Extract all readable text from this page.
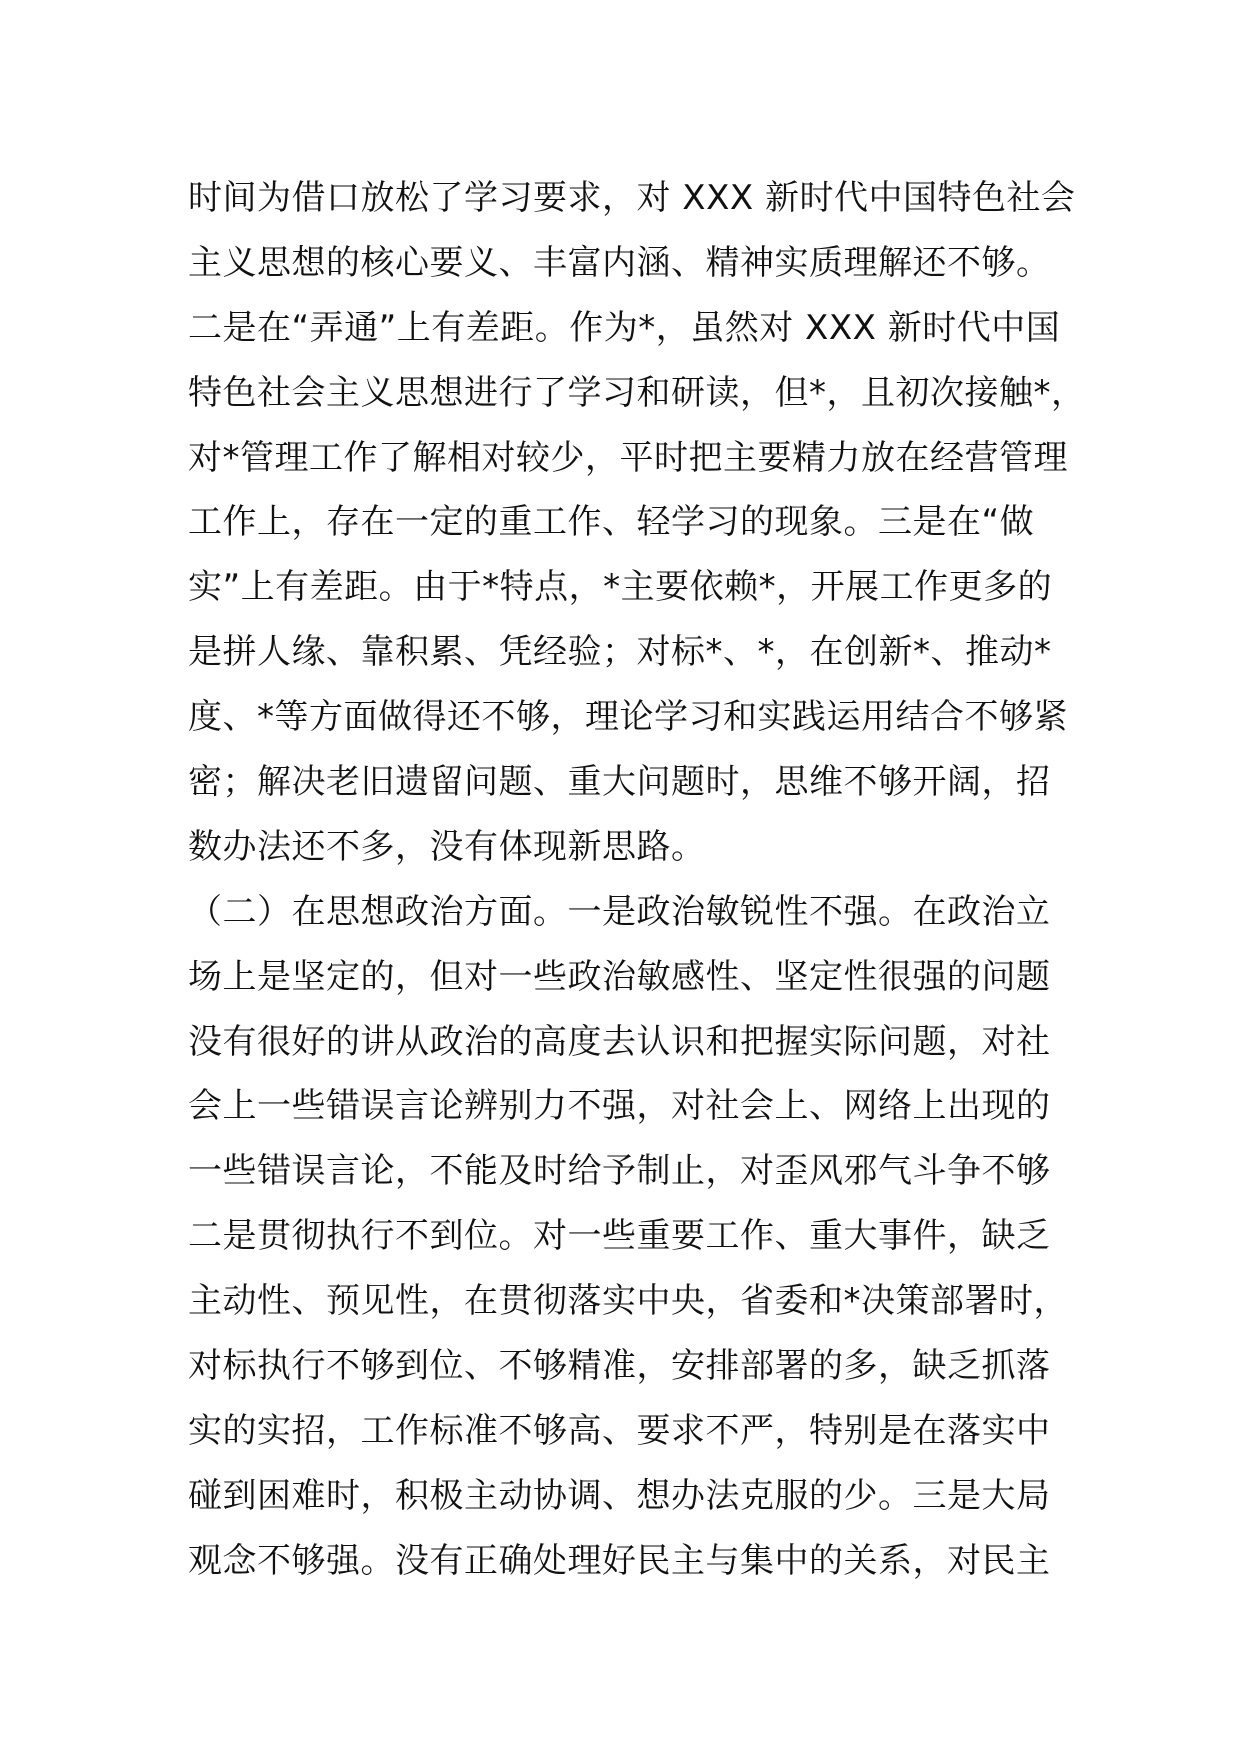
时间为借口放松了学习要求，对 XXX 新时代中国特色社会
主义思想的核心要义、丰富内涵、精神实质理解还不够。
二是在“弄通”上有差距。作为*，虽然对 XXX 新时代中国
特色社会主义思想进行了学习和研读，但*，且初次接触*，
对*管理工作了解相对较少，平时把主要精力放在经营管理
工作上，存在一定的重工作、轻学习的现象。三是在“做
实”上有差距。由于*特点，*主要依赖*，开展工作更多的
是拼人缘、靠积累、凭经验；对标*、*，在创新*、推动*
度、*等方面做得还不够，理论学习和实践运用结合不够紧
密；解决老旧遗留问题、重大问题时，思维不够开阔，招
数办法还不多，没有体现新思路。
（二）在思想政治方面。一是政治敏锐性不强。在政治立
场上是坚定的，但对一些政治敏感性、坚定性很强的问题
没有很好的讲从政治的高度去认识和把握实际问题，对社
会上一些错误言论辨别力不强，对社会上、网络上出现的
一些错误言论，不能及时给予制止，对歪风邪气斗争不够
二是贯彻执行不到位。对一些重要工作、重大事件，缺乏
主动性、预见性，在贯彻落实中央，省委和*决策部署时，
对标执行不够到位、不够精准，安排部署的多，缺乏抓落
实的实招，工作标准不够高、要求不严，特别是在落实中
碰到困难时，积极主动协调、想办法克服的少。三是大局
观念不够强。没有正确处理好民主与集中的关系，对民主
